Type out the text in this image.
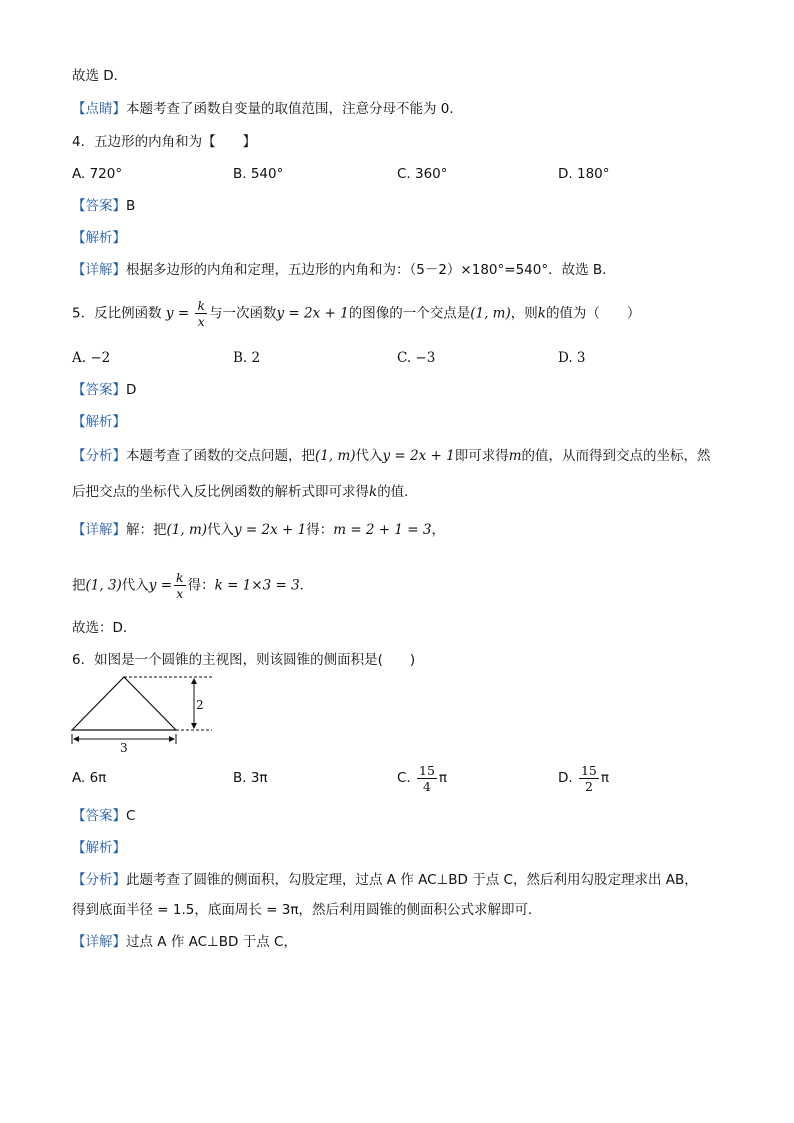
故选 D．
【点睛】本题考查了函数自变量的取值范围，注意分母不能为 0．
4．五边形的内角和为【　　】
A. 720°	B. 540°	C. 360°	D. 180°
【答案】B
【解析】
【详解】根据多边形的内角和定理，五边形的内角和为：（5－2）×180°=540°．故选 B．
5．反比例函数 $y = \frac{k}{x}$ 与一次函数y = 2x + 1的图像的一个交点是(1, m)，则k的值为（　　）
A. −2	B. 2	C. −3	D. 3
【答案】D
【解析】
【分析】本题考查了函数的交点问题，把(1, m)代入y = 2x + 1即可求得m的值，从而得到交点的坐标，然
后把交点的坐标代入反比例函数的解析式即可求得k的值．
【详解】解：把(1, m)代入y = 2x + 1得：m = 2 + 1 = 3，
把(1, 3)代入$y = \frac{k}{x}$ 得：k = 1×3 = 3．
故选：D．
6．如图是一个圆锥的主视图，则该圆锥的侧面积是(　　)
2
3
A. 6π	B. 3π	C. $\frac{15}{4}$ π	D. $\frac{15}{2}$ π
【答案】C
【解析】
【分析】此题考查了圆锥的侧面积，勾股定理，过点 A 作 AC⊥BD 于点 C，然后利用勾股定理求出 AB，
得到底面半径 = 1.5，底面周长 = 3π，然后利用圆锥的侧面积公式求解即可．
【详解】过点 A 作 AC⊥BD 于点 C，
